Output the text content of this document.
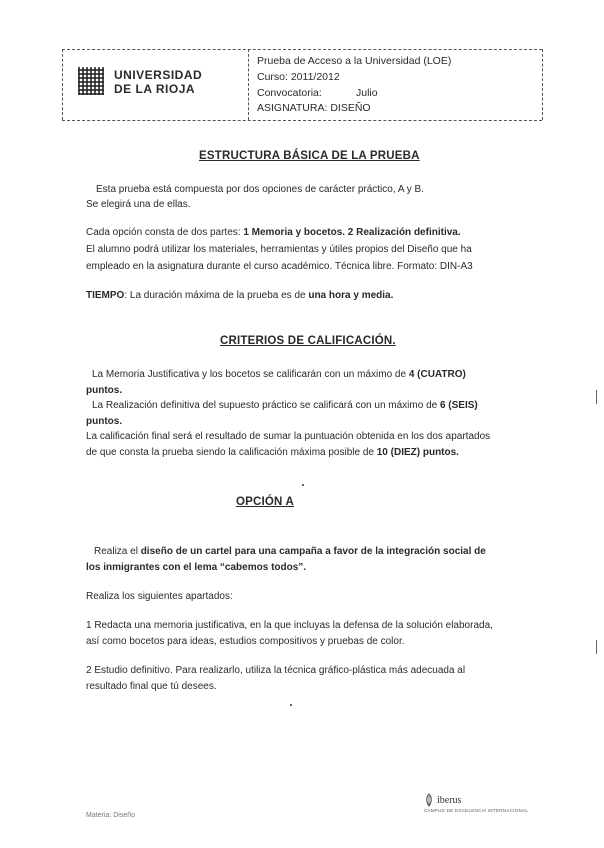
UNIVERSIDAD
DE LA RIOJA
Prueba de Acceso a la Universidad (LOE)
Curso: 2011/2012
Convocatoria:	Julio
ASIGNATURA: DISEÑO
ESTRUCTURA BÁSICA DE LA PRUEBA
Esta prueba está compuesta por dos opciones de carácter práctico, A y B.
Se elegirá una de ellas.
Cada opción consta de dos partes: 1 Memoria y bocetos. 2 Realización definitiva.
El alumno podrá utilizar los materiales, herramientas y útiles propios del Diseño que ha
empleado en la asignatura durante el curso académico. Técnica libre. Formato: DIN-A3
TIEMPO: La duración máxima de la prueba es de una hora y media.
CRITERIOS DE CALIFICACIÓN.
La Memoria Justificativa y los bocetos se calificarán con un máximo de 4 (CUATRO)
puntos.
La Realización definitiva del supuesto práctico se calificará con un máximo de 6 (SEIS)
puntos.
La calificación final será el resultado de sumar la puntuación obtenida en los dos apartados
de que consta la prueba siendo la calificación máxima posible de 10 (DIEZ) puntos.
OPCIÓN A
Realiza el diseño de un cartel para una campaña a favor de la integración social de
los inmigrantes con el lema “cabemos todos”.
Realiza los siguientes apartados:
1 Redacta una memoria justificativa, en la que incluyas la defensa de la solución elaborada,
así como bocetos para ideas, estudios compositivos y pruebas de color.
2 Estudio definitivo. Para realizarlo, utiliza la técnica gráfico-plástica más adecuada al
resultado final que tú desees.
Materia: Diseño
iberus
CAMPUS DE EXCELENCIA INTERNACIONAL
